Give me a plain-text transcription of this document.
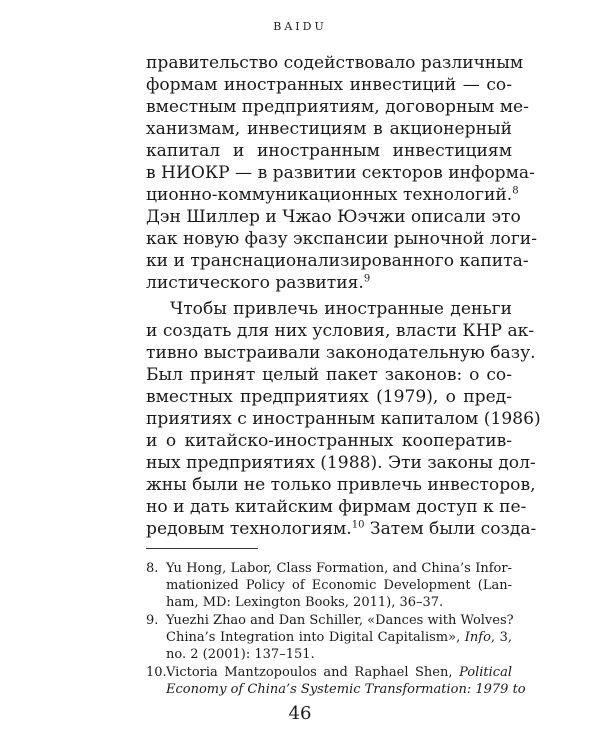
BAIDU
правительство содействовало различным
формам иностранных инвестиций — со-
вместным предприятиям, договорным ме-
ханизмам, инвестициям в акционерный
капитал и иностранным инвестициям
в НИОКР — в развитии секторов информа-
ционно-коммуникационных технологий.$^8$
Дэн Шиллер и Чжао Юэчжи описали это
как новую фазу экспансии рыночной логи-
ки и транснационализированного капита-
листического развития.$^9$
Чтобы привлечь иностранные деньги
и создать для них условия, власти КНР ак-
тивно выстраивали законодательную базу.
Был принят целый пакет законов: о со-
вместных предприятиях (1979), о пред-
приятиях с иностранным капиталом (1986)
и о китайско-иностранных кооператив-
ных предприятиях (1988). Эти законы дол-
жны были не только привлечь инвесторов,
но и дать китайским фирмам доступ к пе-
редовым технологиям.$^{10}$ Затем были созда-
8. Yu Hong, Labor, Class Formation, and China’s Infor-
mationized Policy of Economic Development (Lan-
ham, MD: Lexington Books, 2011), 36–37.
9. Yuezhi Zhao and Dan Schiller, «Dances with Wolves?
China’s Integration into Digital Capitalism», Info, 3,
no. 2 (2001): 137–151.
10. Victoria Mantzopoulos and Raphael Shen, Political
Economy of China’s Systemic Transformation: 1979 to
46
